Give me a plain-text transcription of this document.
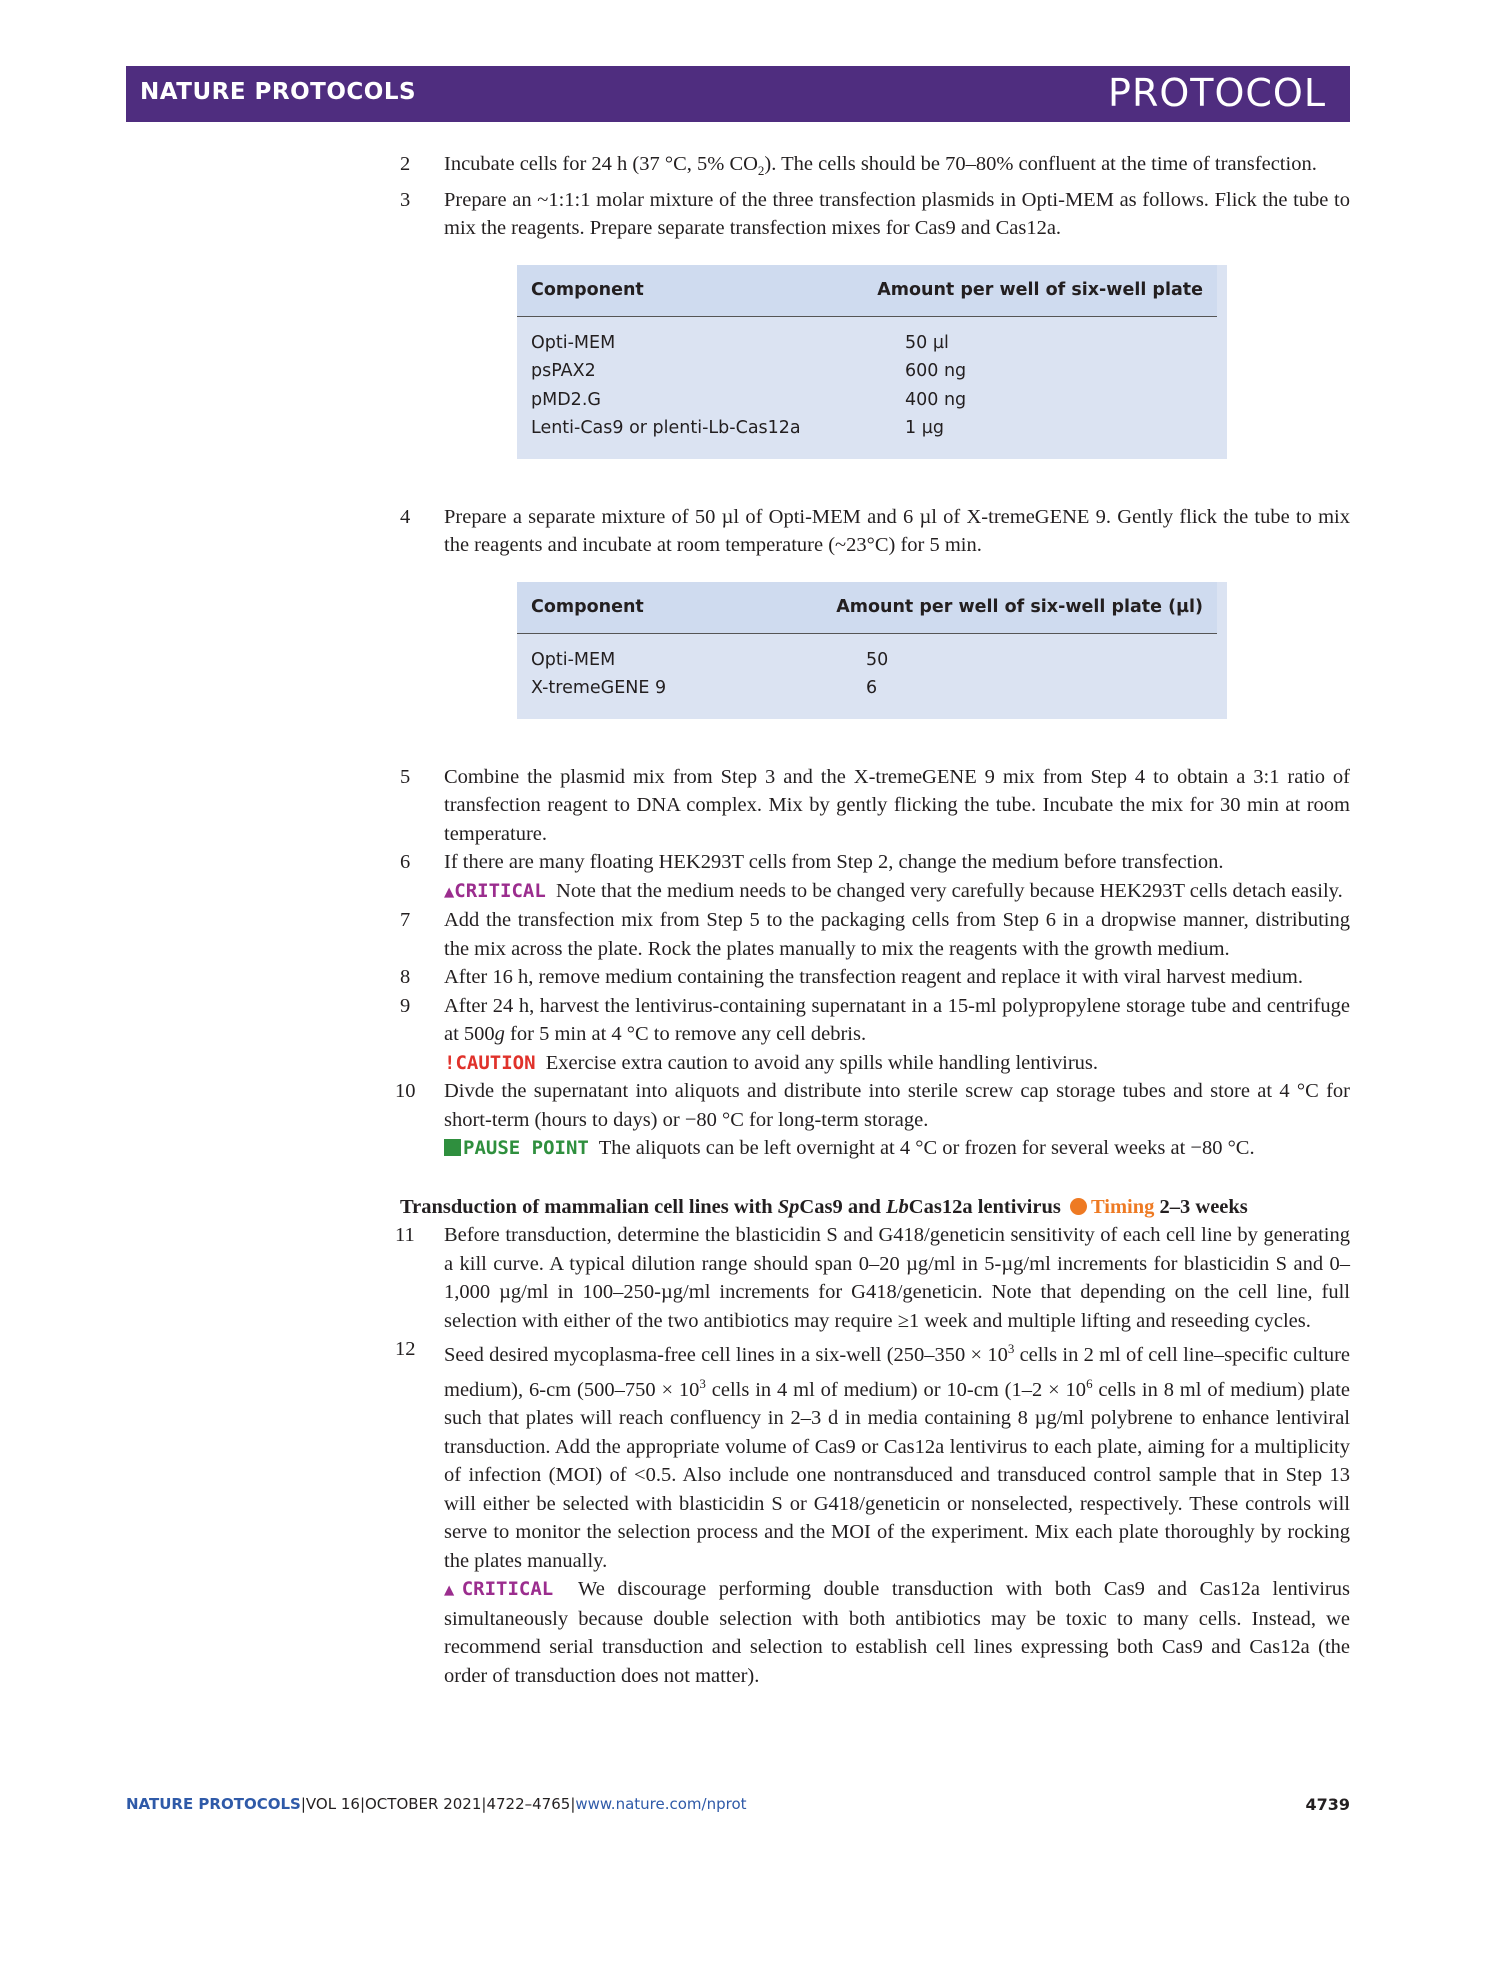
NATURE PROTOCOLS	PROTOCOL
2	Incubate cells for 24 h (37 °C, 5% $CO_2$). The cells should be 70–80% confluent at the time of transfection.
3	Prepare an ~1:1:1 molar mixture of the three transfection plasmids in Opti-MEM as follows. Flick the tube to mix the reagents. Prepare separate transfection mixes for Cas9 and Cas12a.
Component	Amount per well of six-well plate
Opti-MEM	50 µl
psPAX2	600 ng
pMD2.G	400 ng
Lenti-Cas9 or plenti-Lb-Cas12a	1 µg
4	Prepare a separate mixture of 50 µl of Opti-MEM and 6 µl of X-tremeGENE 9. Gently flick the tube to mix the reagents and incubate at room temperature (~23°C) for 5 min.
Component	Amount per well of six-well plate (µl)
Opti-MEM	50
X-tremeGENE 9	6
5	Combine the plasmid mix from Step 3 and the X-tremeGENE 9 mix from Step 4 to obtain a 3:1 ratio of transfection reagent to DNA complex. Mix by gently flicking the tube. Incubate the mix for 30 min at room temperature.
6	If there are many floating HEK293T cells from Step 2, change the medium before transfection.
▲CRITICAL Note that the medium needs to be changed very carefully because HEK293T cells detach easily.
7	Add the transfection mix from Step 5 to the packaging cells from Step 6 in a dropwise manner, distributing the mix across the plate. Rock the plates manually to mix the reagents with the growth medium.
8	After 16 h, remove medium containing the transfection reagent and replace it with viral harvest medium.
9	After 24 h, harvest the lentivirus-containing supernatant in a 15-ml polypropylene storage tube and centrifuge at 500g for 5 min at 4 °C to remove any cell debris.
!CAUTION Exercise extra caution to avoid any spills while handling lentivirus.
10	Divde the supernatant into aliquots and distribute into sterile screw cap storage tubes and store at 4 °C for short-term (hours to days) or −80 °C for long-term storage.
PAUSE POINT The aliquots can be left overnight at 4 °C or frozen for several weeks at −80 °C.
Transduction of mammalian cell lines with SpCas9 and LbCas12a lentivirus Timing 2–3 weeks
11	Before transduction, determine the blasticidin S and G418/geneticin sensitivity of each cell line by generating a kill curve. A typical dilution range should span 0–20 µg/ml in 5-µg/ml increments for blasticidin S and 0–1,000 µg/ml in 100–250-µg/ml increments for G418/geneticin. Note that depending on the cell line, full selection with either of the two antibiotics may require ≥1 week and multiple lifting and reseeding cycles.
12	Seed desired mycoplasma-free cell lines in a six-well ($250-350 \times 10^3$ cells in 2 ml of cell line–specific culture medium), 6-cm ($500-750 \times 10^3$ cells in 4 ml of medium) or 10-cm ($1-2 \times 10^6$ cells in 8 ml of medium) plate such that plates will reach confluency in 2–3 d in media containing 8 µg/ml polybrene to enhance lentiviral transduction. Add the appropriate volume of Cas9 or Cas12a lentivirus to each plate, aiming for a multiplicity of infection (MOI) of <0.5. Also include one nontransduced and transduced control sample that in Step 13 will either be selected with blasticidin S or G418/geneticin or nonselected, respectively. These controls will serve to monitor the selection process and the MOI of the experiment. Mix each plate thoroughly by rocking the plates manually.
▲CRITICAL We discourage performing double transduction with both Cas9 and Cas12a lentivirus simultaneously because double selection with both antibiotics may be toxic to many cells. Instead, we recommend serial transduction and selection to establish cell lines expressing both Cas9 and Cas12a (the order of transduction does not matter).
NATURE PROTOCOLS|VOL 16|OCTOBER 2021|4722–4765|www.nature.com/nprot	4739
